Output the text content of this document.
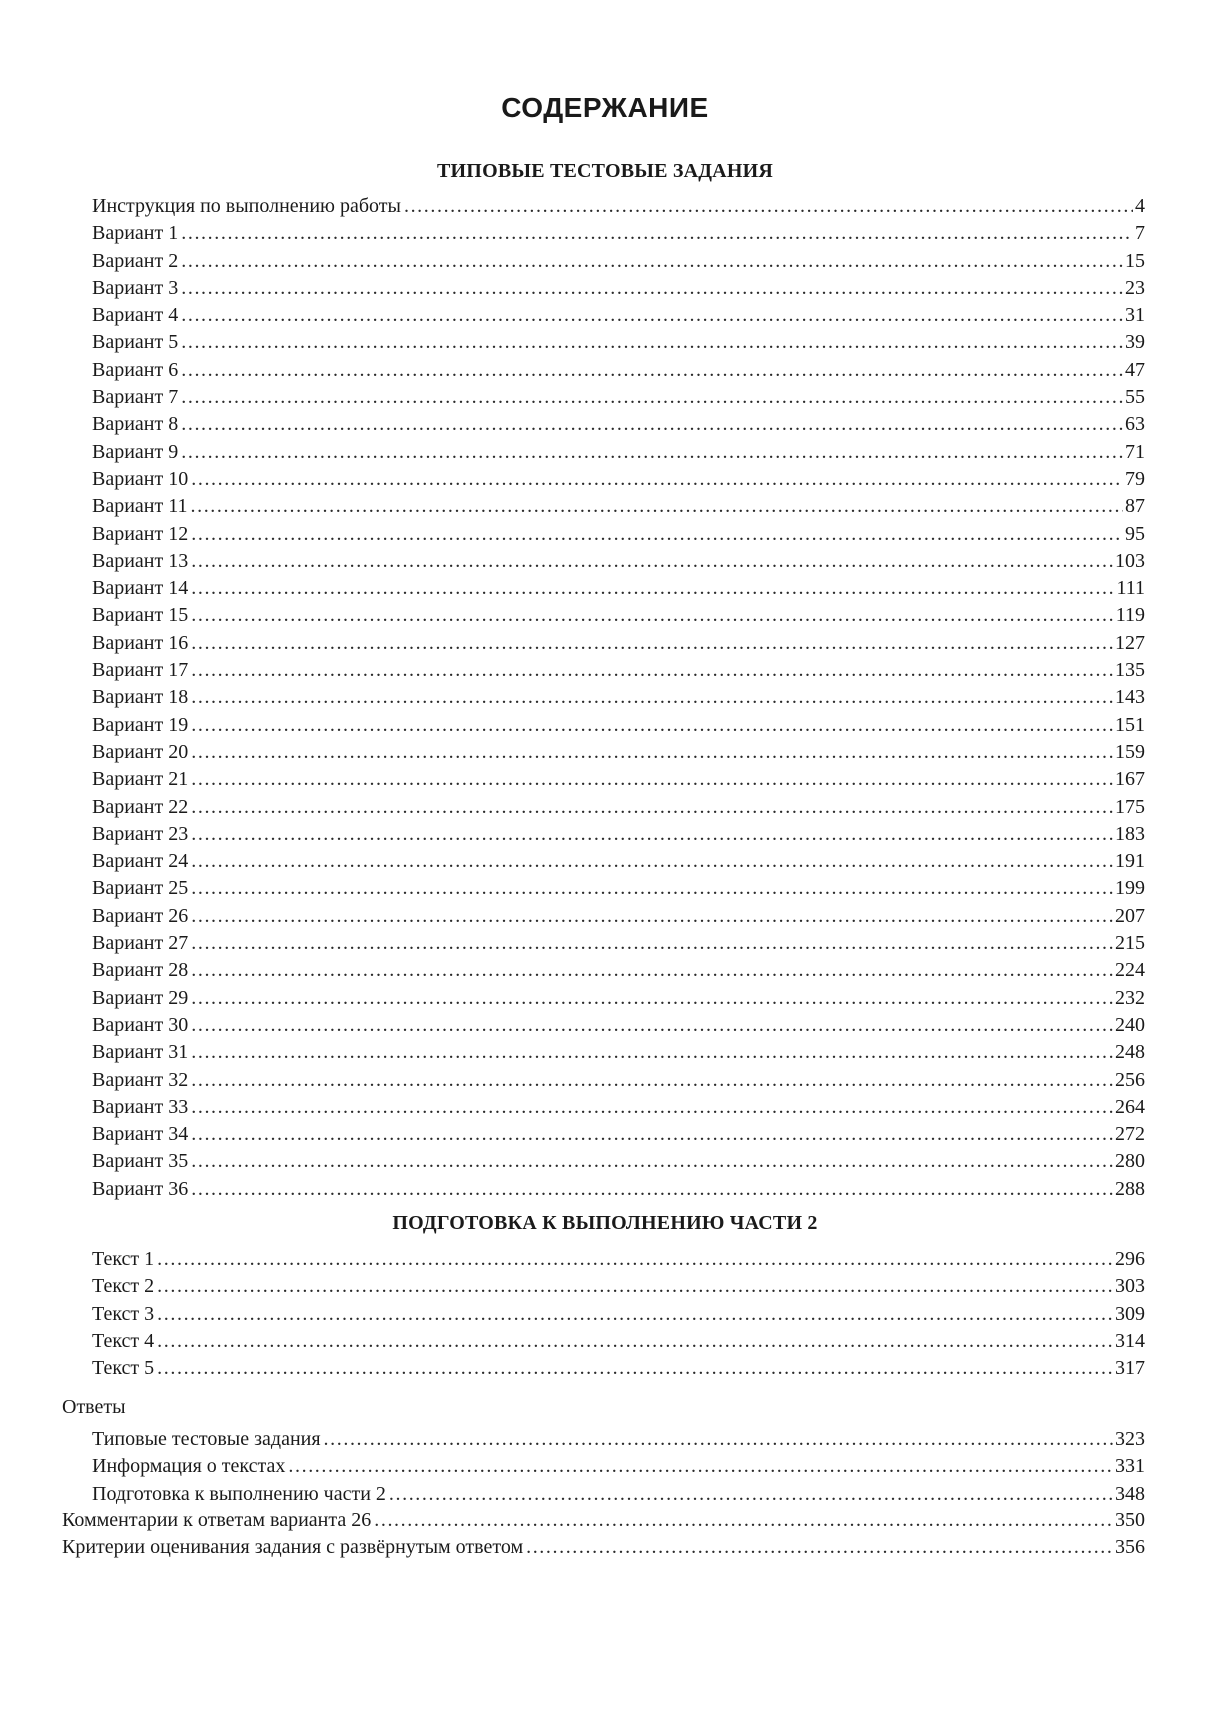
СОДЕРЖАНИЕ
ТИПОВЫЕ ТЕСТОВЫЕ ЗАДАНИЯ
Инструкция по выполнению работы .....	4
Вариант 1 .....	7
Вариант 2 .....	15
Вариант 3 .....	23
Вариант 4 .....	31
Вариант 5 .....	39
Вариант 6 .....	47
Вариант 7 .....	55
Вариант 8 .....	63
Вариант 9 .....	71
Вариант 10 .....	79
Вариант 11 .....	87
Вариант 12 .....	95
Вариант 13 .....	103
Вариант 14 .....	111
Вариант 15 .....	119
Вариант 16 .....	127
Вариант 17 .....	135
Вариант 18 .....	143
Вариант 19 .....	151
Вариант 20 .....	159
Вариант 21 .....	167
Вариант 22 .....	175
Вариант 23 .....	183
Вариант 24 .....	191
Вариант 25 .....	199
Вариант 26 .....	207
Вариант 27 .....	215
Вариант 28 .....	224
Вариант 29 .....	232
Вариант 30 .....	240
Вариант 31 .....	248
Вариант 32 .....	256
Вариант 33 .....	264
Вариант 34 .....	272
Вариант 35 .....	280
Вариант 36 .....	288
ПОДГОТОВКА К ВЫПОЛНЕНИЮ ЧАСТИ 2
Текст 1 .....	296
Текст 2 .....	303
Текст 3 .....	309
Текст 4 .....	314
Текст 5 .....	317
Ответы
Типовые тестовые задания .....	323
Информация о текстах .....	331
Подготовка к выполнению части 2 .....	348
Комментарии к ответам варианта 26 .....	350
Критерии оценивания задания с развёрнутым ответом .....	356
